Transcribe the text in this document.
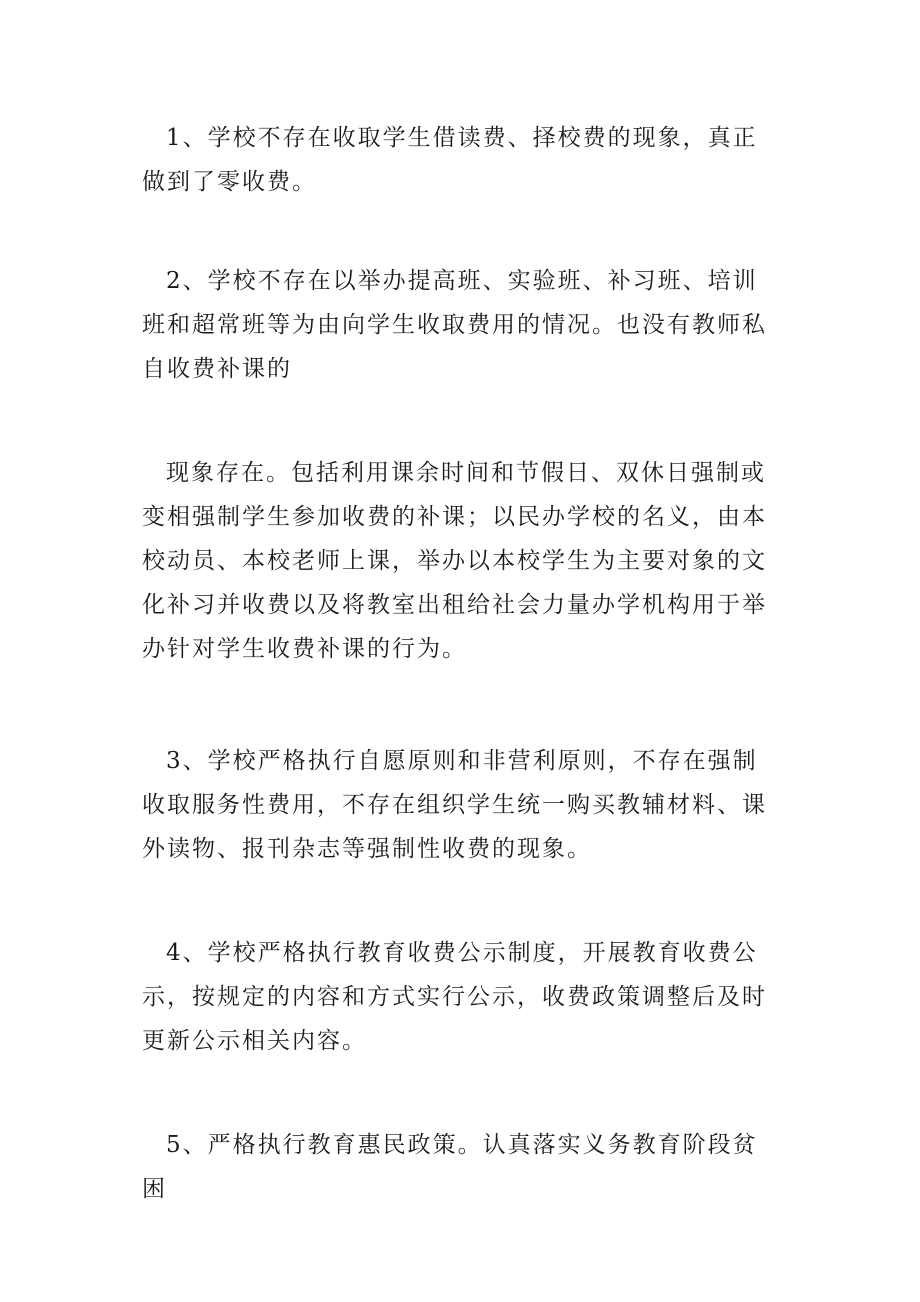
1、学校不存在收取学生借读费、择校费的现象，真正做到了零收费。

2、学校不存在以举办提高班、实验班、补习班、培训班和超常班等为由向学生收取费用的情况。也没有教师私自收费补课的

现象存在。包括利用课余时间和节假日、双休日强制或变相强制学生参加收费的补课；以民办学校的名义，由本校动员、本校老师上课，举办以本校学生为主要对象的文化补习并收费以及将教室出租给社会力量办学机构用于举办针对学生收费补课的行为。

3、学校严格执行自愿原则和非营利原则，不存在强制收取服务性费用，不存在组织学生统一购买教辅材料、课外读物、报刊杂志等强制性收费的现象。

4、学校严格执行教育收费公示制度，开展教育收费公示，按规定的内容和方式实行公示，收费政策调整后及时更新公示相关内容。

5、严格执行教育惠民政策。认真落实义务教育阶段贫困
